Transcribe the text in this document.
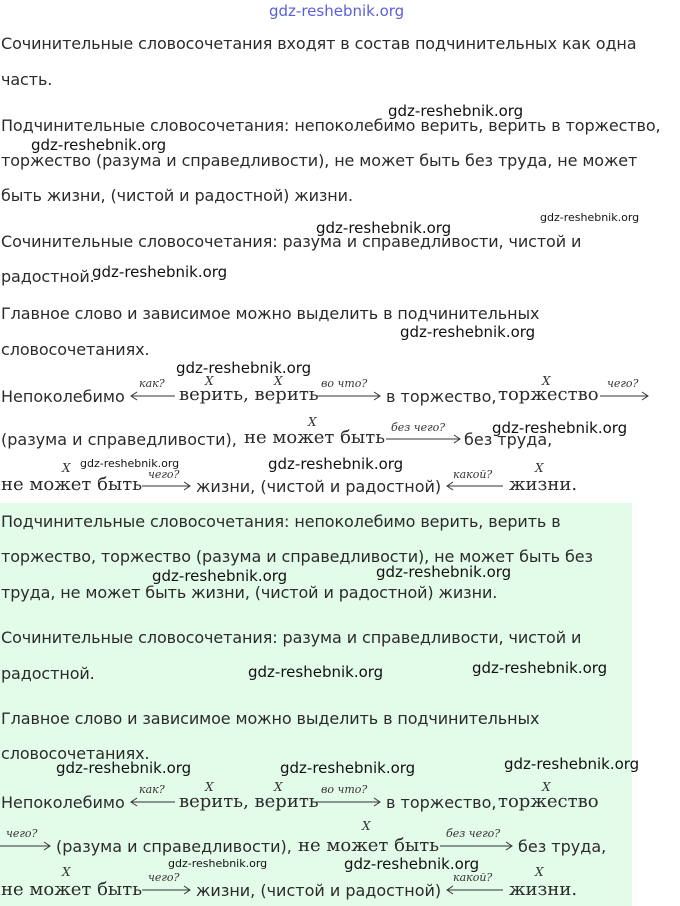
gdz-reshebnik.org
Сочинительные словосочетания входят в состав подчинительных как одна
часть.
Подчинительные словосочетания: непоколебимо верить, верить в торжество,
торжество (разума и справедливости), не может быть без труда, не может
быть жизни, (чистой и радостной) жизни.
Сочинительные словосочетания: разума и справедливости, чистой и
радостной.
Главное слово и зависимое можно выделить в подчинительных
словосочетаниях.
Непоколебимо
как?	X	X
верить, верить
во что?
в торжество,
X
торжество
чего?
(разума и справедливости),
X
не может быть без чего?
без труда,
X
не может быть чего?
жизни, (чистой и радостной)
какой?	X
жизни.
Подчинительные словосочетания: непоколебимо верить, верить в
торжество, торжество (разума и справедливости), не может быть без
труда, не может быть жизни, (чистой и радостной) жизни.
Сочинительные словосочетания: разума и справедливости, чистой и
радостной.
Главное слово и зависимое можно выделить в подчинительных
словосочетаниях.
Непоколебимо
как?	X	X
верить, верить
во что?
в торжество,
X
торжество
чего?
(разума и справедливости),
X
не может быть
без чего?
без труда,
X
не может быть
чего?
жизни, (чистой и радостной)
какой?	X
жизни.
gdz-reshebnik.org
gdz-reshebnik.org
gdz-reshebnik.org
gdz-reshebnik.org
gdz-reshebnik.org
gdz-reshebnik.org
gdz-reshebnik.org
gdz-reshebnik.org
gdz-reshebnik.org	gdz-reshebnik.org
gdz-reshebnik.org	gdz-reshebnik.org
gdz-reshebnik.org	gdz-reshebnik.org
gdz-reshebnik.org	gdz-reshebnik.org	gdz-reshebnik.org
gdz-reshebnik.org	gdz-reshebnik.org
